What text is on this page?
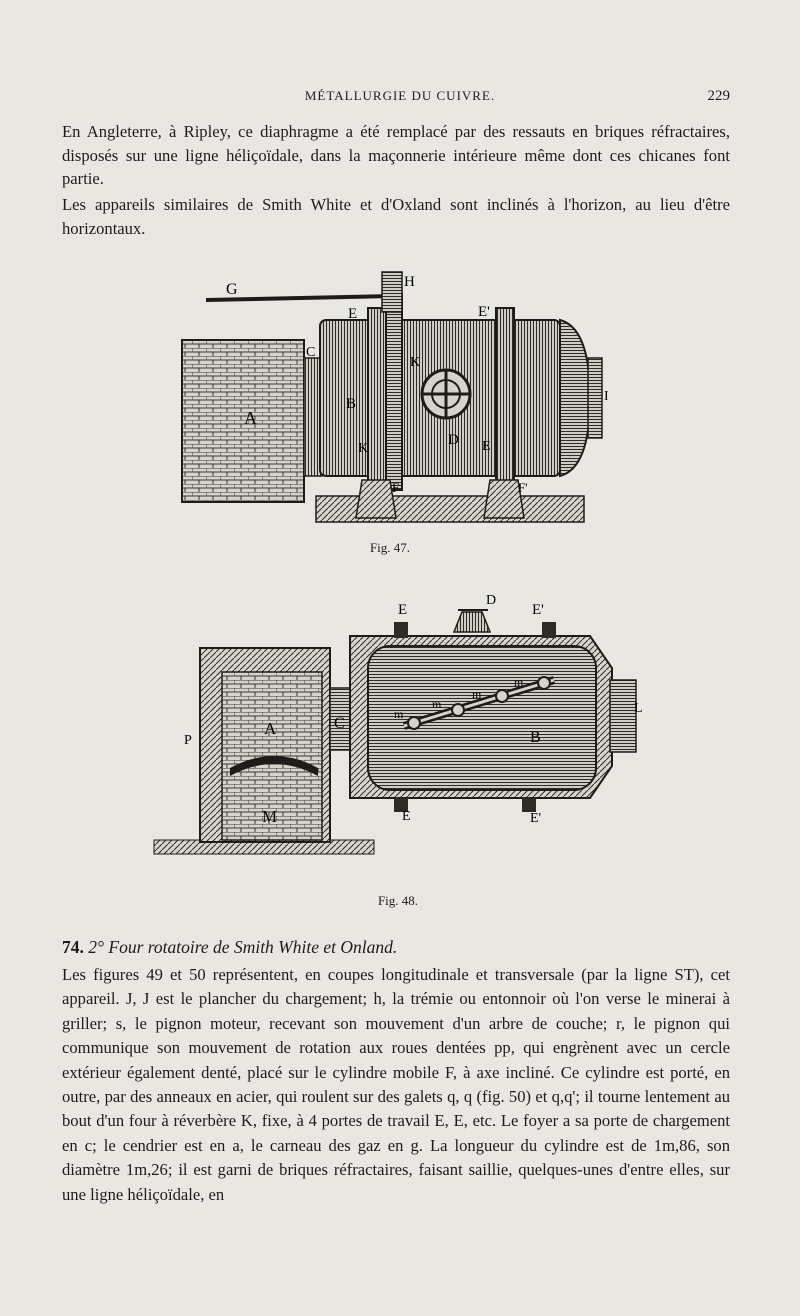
MÉTALLURGIE DU CUIVRE.	229

En Angleterre, à Ripley, ce diaphragme a été remplacé par des ressauts en briques réfractaires, disposés sur une ligne héliçoïdale, dans la maçonnerie intérieure même dont ces chicanes font partie.

Les appareils similaires de Smith White et d'Oxland sont inclinés à l'horizon, au lieu d'être horizontaux.

G	H
E	E'
C
A
B
K
K
D E
I
F	F'
Fig. 47.
E
D
E'
L
P
A	C
B
M	E	E'
m
m
m
m
Fig. 48.
74. 2° Four rotatoire de Smith White et Onland.

Les figures 49 et 50 représentent, en coupes longitudinale et transversale (par la ligne ST), cet appareil. J, J est le plancher du chargement; h, la trémie ou entonnoir où l'on verse le minerai à griller; s, le pignon moteur, recevant son mouvement d'un arbre de couche; r, le pignon qui communique son mouvement de rotation aux roues dentées pp, qui engrènent avec un cercle extérieur également denté, placé sur le cylindre mobile F, à axe incliné. Ce cylindre est porté, en outre, par des anneaux en acier, qui roulent sur des galets q, q (fig. 50) et q,q'; il tourne lentement au bout d'un four à réverbère K, fixe, à 4 portes de travail E, E, etc. Le foyer a sa porte de chargement en c; le cendrier est en a, le carneau des gaz en g. La longueur du cylindre est de 1m,86, son diamètre 1m,26; il est garni de briques réfractaires, faisant saillie, quelques-unes d'entre elles, sur une ligne héliçoïdale, en
